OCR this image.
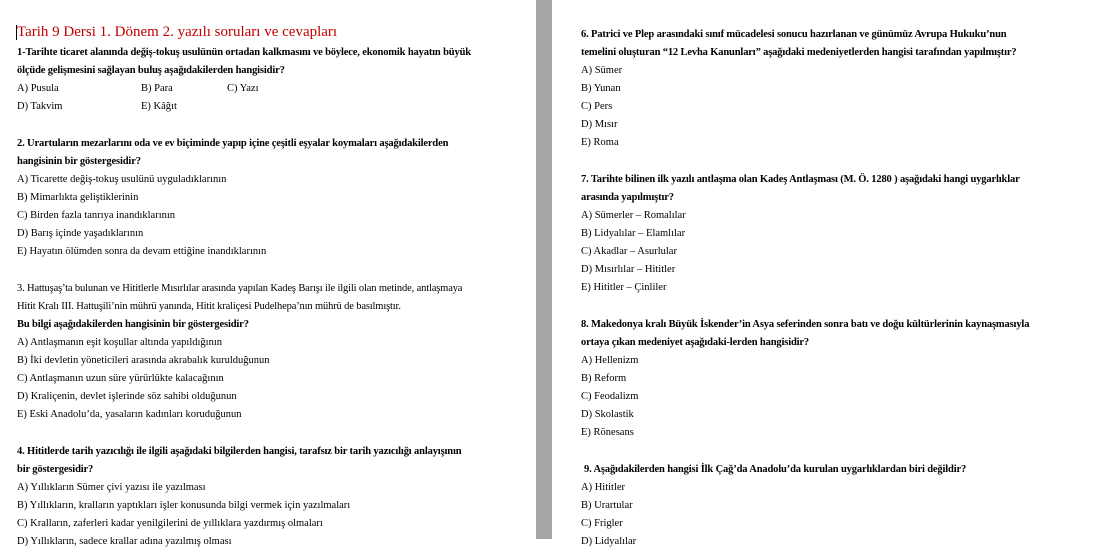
Tarih 9 Dersi 1. Dönem 2. yazılı soruları ve cevapları
1-Tarihte ticaret alanında değiş-tokuş usulünün ortadan kalkmasını ve böylece, ekonomik hayatın büyük
ölçüde gelişmesini sağlayan buluş aşağıdakilerden hangisidir?
A) Pusula	B) Para	C) Yazı
D) Takvim	E) Kâğıt
2. Urartuların mezarlarını oda ve ev biçiminde yapıp içine çeşitli eşyalar koymaları aşağıdakilerden
hangisinin bir göstergesidir?
A) Ticarette değiş-tokuş usulünü uyguladıklarının
B) Mimarlıkta geliştiklerinin
C) Birden fazla tanrıya inandıklarının
D) Barış içinde yaşadıklarının
E) Hayatın ölümden sonra da devam ettiğine inandıklarının
3. Hattuşaş’ta bulunan ve Hititlerle Mısırlılar arasında yapılan Kadeş Barışı ile ilgili olan metinde, antlaşmaya
Hitit Kralı III. Hattuşili’nin mührü yanında, Hitit kraliçesi Pudelhepa’nın mührü de basılmıştır.
Bu bilgi aşağıdakilerden hangisinin bir göstergesidir?
A) Antlaşmanın eşit koşullar altında yapıldığının
B) İki devletin yöneticileri arasında akrabalık kurulduğunun
C) Antlaşmanın uzun süre yürürlükte kalacağının
D) Kraliçenin, devlet işlerinde söz sahibi olduğunun
E) Eski Anadolu’da, yasaların kadınları koruduğunun
4. Hititlerde tarih yazıcılığı ile ilgili aşağıdaki bilgilerden hangisi, tarafsız bir tarih yazıcılığı anlayışının
bir göstergesidir?
A) Yıllıkların Sümer çivi yazısı ile yazılması
B) Yıllıkların, kralların yaptıkları işler konusunda bilgi vermek için yazılmaları
C) Kralların, zaferleri kadar yenilgilerini de yıllıklara yazdırmış olmaları
D) Yıllıkların, sadece krallar adına yazılmış olması
6. Patrici ve Plep arasındaki sınıf mücadelesi sonucu hazırlanan ve günümüz Avrupa Hukuku’nun
temelini oluşturan “12 Levha Kanunları” aşağıdaki medeniyetlerden hangisi tarafından yapılmıştır?
A) Sümer
B) Yunan
C) Pers
D) Mısır
E) Roma
7. Tarihte bilinen ilk yazılı antlaşma olan Kadeş Antlaşması (M. Ö. 1280 ) aşağıdaki hangi uygarlıklar
arasında yapılmıştır?
A) Sümerler – Romalılar
B) Lidyalılar – Elamlılar
C) Akadlar – Asurlular
D) Mısırlılar – Hititler
E) Hititler – Çinliler
8. Makedonya kralı Büyük İskender’in Asya seferinden sonra batı ve doğu kültürlerinin kaynaşmasıyla
ortaya çıkan medeniyet aşağıdaki-lerden hangisidir?
A) Hellenizm
B) Reform
C) Feodalizm
D) Skolastik
E) Rönesans
9. Aşağıdakilerden hangisi İlk Çağ’da Anadolu’da kurulan uygarlıklardan biri değildir?
A) Hititler
B) Urartular
C) Frigler
D) Lidyalılar
